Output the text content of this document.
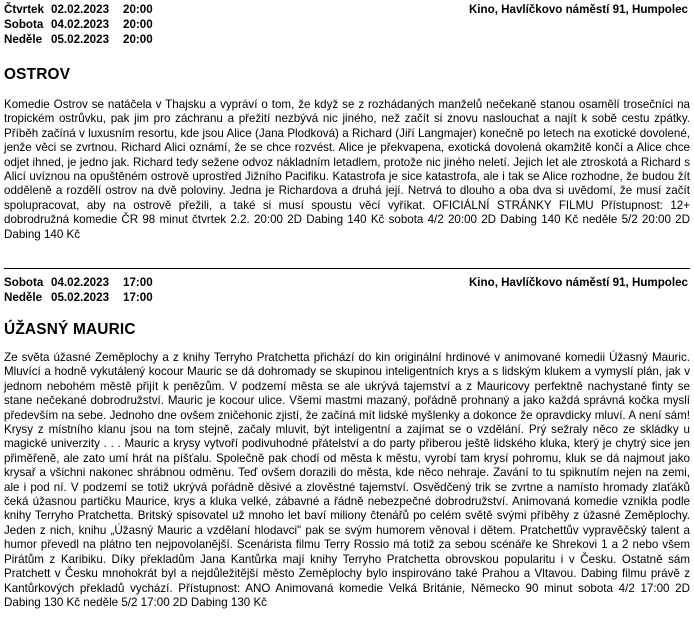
Čtvrtek 02.02.2023 20:00
Sobota 04.02.2023 20:00
Neděle 05.02.2023 20:00
Kino, Havlíčkovo náměstí 91, Humpolec
OSTROV
Komedie Ostrov se natáčela v Thajsku a vypráví o tom, že když se z rozhádaných manželů nečekaně stanou osamělí trosečníci na tropickém ostrůvku, pak jim pro záchranu a přežití nezbývá nic jiného, než začít si znovu naslouchat a najít k sobě cestu zpátky. Příběh začíná v luxusním resortu, kde jsou Alice (Jana Plodková) a Richard (Jiří Langmajer) konečně po letech na exotické dovolené, jenže věci se zvrtnou. Richard Alici oznámí, že se chce rozvést. Alice je překvapena, exotická dovolená okamžitě končí a Alice chce odjet ihned, je jedno jak. Richard tedy sežene odvoz nákladním letadlem, protože nic jiného neletí. Jejich let ale ztroskotá a Richard s Alicí uvíznou na opuštěném ostrově uprostřed Jižního Pacifiku. Katastrofa je sice katastrofa, ale i tak se Alice rozhodne, že budou žít odděleně a rozdělí ostrov na dvě poloviny. Jedna je Richardova a druhá její. Netrvá to dlouho a oba dva si uvědomí, že musí začít spolupracovat, aby na ostrově přežili, a také si musí spoustu věcí vyříkat. OFICIÁLNÍ STRÁNKY FILMU Přístupnost: 12+ dobrodružná komedie ČR 98 minut čtvrtek 2.2. 20:00 2D Dabing 140 Kč sobota 4/2 20:00 2D Dabing 140 Kč neděle 5/2 20:00 2D Dabing 140 Kč
Sobota 04.02.2023 17:00
Neděle 05.02.2023 17:00
Kino, Havlíčkovo náměstí 91, Humpolec
ÚŽASNÝ MAURIC
Ze světa úžasné Zeměplochy a z knihy Terryho Pratchetta přichází do kin originální hrdinové v animované komedii Úžasný Mauric. Mluvící a hodně vykutálený kocour Mauric se dá dohromady se skupinou inteligentních krys a s lidským klukem a vymyslí plán, jak v jednom nebohém městě přijít k penězům. V podzemí města se ale ukrývá tajemství a z Mauricovy perfektně nachystané finty se stane nečekané dobrodružství. Mauric je kocour ulice. Všemi mastmi mazaný, pořádně prohnaný a jako každá správná kočka myslí především na sebe. Jednoho dne ovšem zničehonic zjistí, že začíná mít lidské myšlenky a dokonce že opravdicky mluví. A není sám! Krysy z místního klanu jsou na tom stejně, začaly mluvit, být inteligentní a zajímat se o vzdělání. Prý sežraly něco ze skládky u magické univerzity . . . Mauric a krysy vytvoří podivuhodné přátelství a do party přiberou ještě lidského kluka, který je chytrý sice jen přiměřeně, ale zato umí hrát na píšťalu. Společně pak chodí od města k městu, vyrobí tam krysí pohromu, kluk se dá najmout jako krysař a všichni nakonec shrábnou odměnu. Teď ovšem dorazili do města, kde něco nehraje. Zavání to tu spiknutím nejen na zemi, ale i pod ní. V podzemí se totiž ukrývá pořádně děsivé a zlověstné tajemství. Osvědčený trik se zvrtne a namísto hromady zlaťáků čeká úžasnou partičku Maurice, krys a kluka velké, zábavné a řádně nebezpečné dobrodružství. Animovaná komedie vznikla podle knihy Terryho Pratchetta. Britský spisovatel už mnoho let baví miliony čtenářů po celém světě svými příběhy z úžasné Zeměplochy. Jeden z nich, knihu „Úžasný Mauric a vzdělaní hlodavci" pak se svým humorem věnoval i dětem. Pratchettův vypravěčský talent a humor převedl na plátno ten nejpovolanější. Scenárista filmu Terry Rossio má totiž za sebou scénáře ke Shrekovi 1 a 2 nebo všem Pirátům z Karibiku. Díky překladům Jana Kantůrka mají knihy Terryho Pratchetta obrovskou popularitu i v Česku. Ostatně sám Pratchett v Česku mnohokrát byl a nejdůležitější město Zeměplochy bylo inspirováno také Prahou a Vltavou. Dabing filmu právě z Kantůrkových překladů vychází. Přístupnost: ANO Animovaná komedie Velká Británie, Německo 90 minut sobota 4/2 17:00 2D Dabing 130 Kč neděle 5/2 17:00 2D Dabing 130 Kč
